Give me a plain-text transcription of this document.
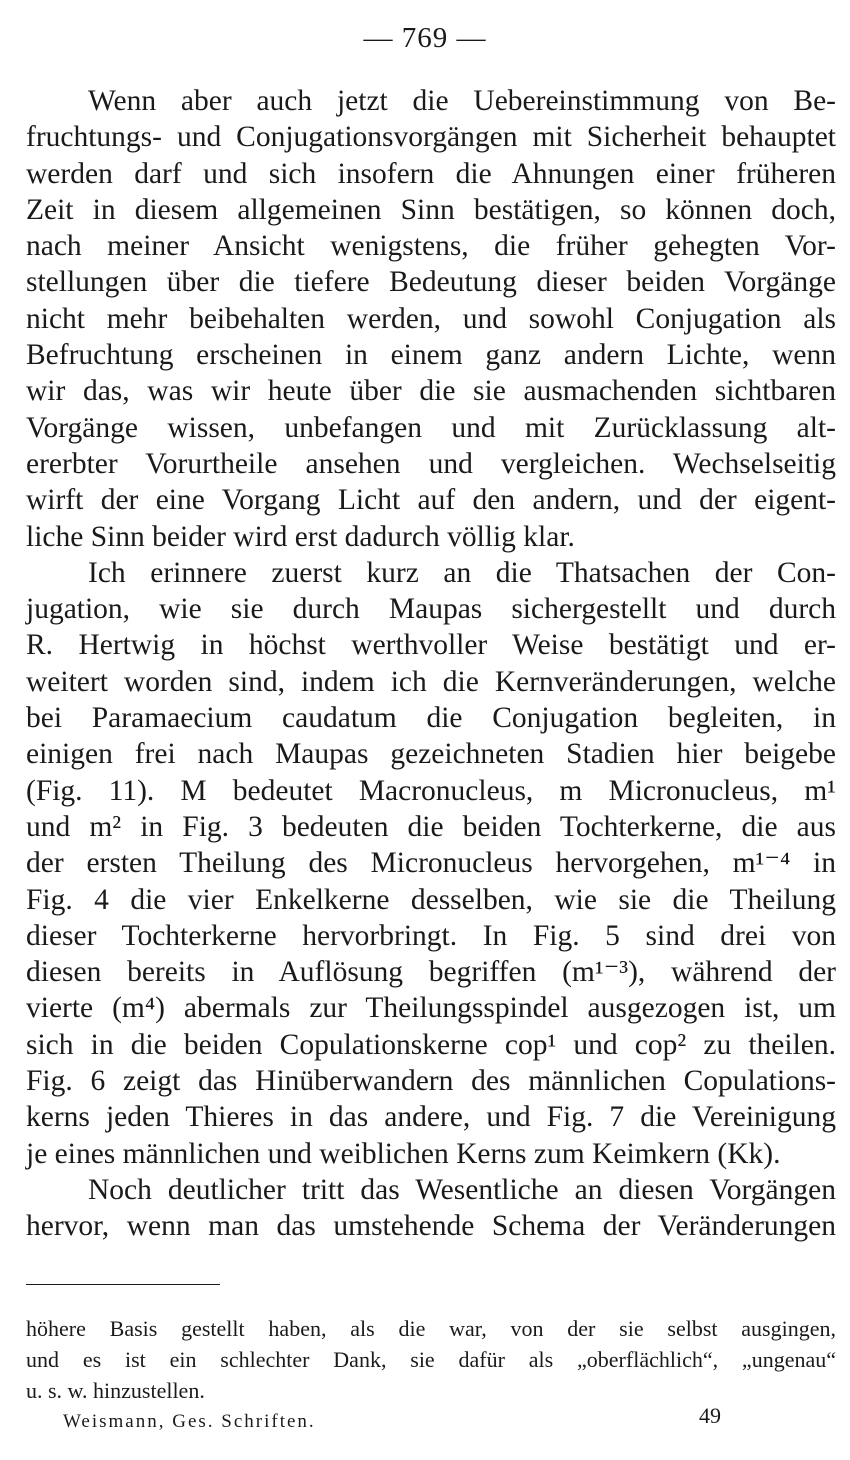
— 769 —
Wenn aber auch jetzt die Uebereinstimmung von Be-
fruchtungs- und Conjugationsvorgängen mit Sicherheit behauptet
werden darf und sich insofern die Ahnungen einer früheren
Zeit in diesem allgemeinen Sinn bestätigen, so können doch,
nach meiner Ansicht wenigstens, die früher gehegten Vor-
stellungen über die tiefere Bedeutung dieser beiden Vorgänge
nicht mehr beibehalten werden, und sowohl Conjugation als
Befruchtung erscheinen in einem ganz andern Lichte, wenn
wir das, was wir heute über die sie ausmachenden sichtbaren
Vorgänge wissen, unbefangen und mit Zurücklassung alt-
ererbter Vorurtheile ansehen und vergleichen. Wechselseitig
wirft der eine Vorgang Licht auf den andern, und der eigent-
liche Sinn beider wird erst dadurch völlig klar.
Ich erinnere zuerst kurz an die Thatsachen der Con-
jugation, wie sie durch Maupas sichergestellt und durch
R. Hertwig in höchst werthvoller Weise bestätigt und er-
weitert worden sind, indem ich die Kernveränderungen, welche
bei Paramaecium caudatum die Conjugation begleiten, in
einigen frei nach Maupas gezeichneten Stadien hier beigebe
(Fig. 11). M bedeutet Macronucleus, m Micronucleus, m¹
und m² in Fig. 3 bedeuten die beiden Tochterkerne, die aus
der ersten Theilung des Micronucleus hervorgehen, m¹⁻⁴ in
Fig. 4 die vier Enkelkerne desselben, wie sie die Theilung
dieser Tochterkerne hervorbringt. In Fig. 5 sind drei von
diesen bereits in Auflösung begriffen (m¹⁻³), während der
vierte (m⁴) abermals zur Theilungsspindel ausgezogen ist, um
sich in die beiden Copulationskerne cop¹ und cop² zu theilen.
Fig. 6 zeigt das Hinüberwandern des männlichen Copulations-
kerns jeden Thieres in das andere, und Fig. 7 die Vereinigung
je eines männlichen und weiblichen Kerns zum Keimkern (Kk).
Noch deutlicher tritt das Wesentliche an diesen Vorgängen
hervor, wenn man das umstehende Schema der Veränderungen
höhere Basis gestellt haben, als die war, von der sie selbst ausgingen,
und es ist ein schlechter Dank, sie dafür als „oberflächlich“, „ungenau“
u. s. w. hinzustellen.
Weismann, Ges. Schriften.	49
